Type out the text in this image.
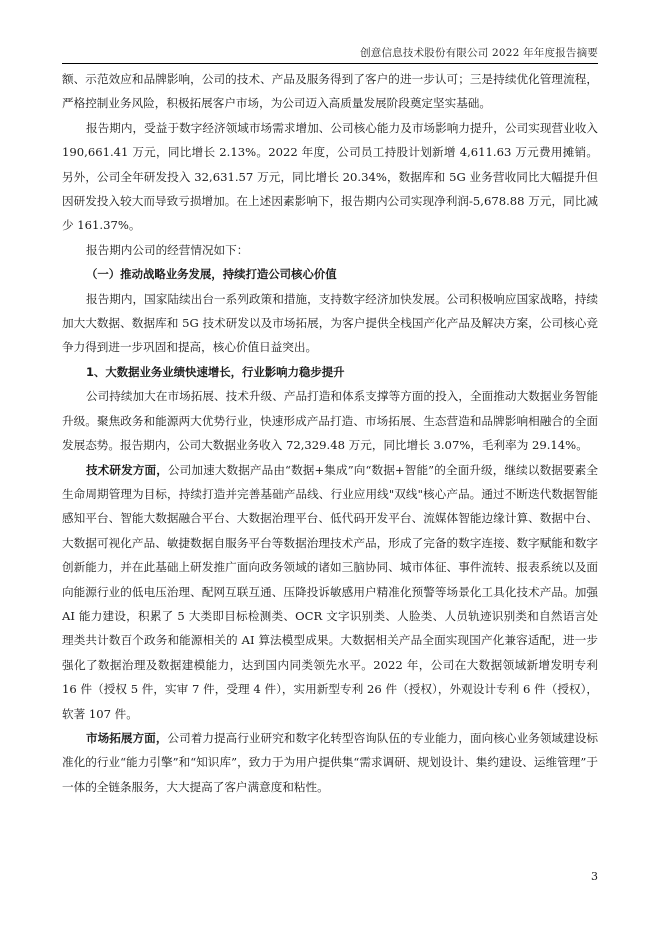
创意信息技术股份有限公司 2022 年年度报告摘要

额、示范效应和品牌影响，公司的技术、产品及服务得到了客户的进一步认可；三是持续优化管理流程，严格控制业务风险，积极拓展客户市场，为公司迈入高质量发展阶段奠定坚实基础。

报告期内，受益于数字经济领域市场需求增加、公司核心能力及市场影响力提升，公司实现营业收入 190,661.41 万元，同比增长 2.13%。2022 年度，公司员工持股计划新增 4,611.63 万元费用摊销。另外，公司全年研发投入 32,631.57 万元，同比增长 20.34%，数据库和 5G 业务营收同比大幅提升但因研发投入较大而导致亏损增加。在上述因素影响下，报告期内公司实现净利润-5,678.88 万元，同比减少 161.37%。

报告期内公司的经营情况如下：

（一）推动战略业务发展，持续打造公司核心价值

报告期内，国家陆续出台一系列政策和措施，支持数字经济加快发展。公司积极响应国家战略，持续加大大数据、数据库和 5G 技术研发以及市场拓展，为客户提供全栈国产化产品及解决方案，公司核心竞争力得到进一步巩固和提高，核心价值日益突出。

1、大数据业务业绩快速增长，行业影响力稳步提升

公司持续加大在市场拓展、技术升级、产品打造和体系支撑等方面的投入，全面推动大数据业务智能升级。聚焦政务和能源两大优势行业，快速形成产品打造、市场拓展、生态营造和品牌影响相融合的全面发展态势。报告期内，公司大数据业务收入 72,329.48 万元，同比增长 3.07%，毛利率为 29.14%。

技术研发方面，公司加速大数据产品由“数据+集成”向“数据+智能”的全面升级，继续以数据要素全生命周期管理为目标，持续打造并完善基础产品线、行业应用线"双线"核心产品。通过不断迭代数据智能感知平台、智能大数据融合平台、大数据治理平台、低代码开发平台、流媒体智能边缘计算、数据中台、大数据可视化产品、敏捷数据自服务平台等数据治理技术产品，形成了完备的数字连接、数字赋能和数字创新能力，并在此基础上研发推广面向政务领域的诸如三脑协同、城市体征、事件流转、报表系统以及面向能源行业的低电压治理、配网互联互通、压降投诉敏感用户精准化预警等场景化工具化技术产品。加强 AI 能力建设，积累了 5 大类即目标检测类、OCR 文字识别类、人脸类、人员轨迹识别类和自然语言处理类共计数百个政务和能源相关的 AI 算法模型成果。大数据相关产品全面实现国产化兼容适配，进一步强化了数据治理及数据建模能力，达到国内同类领先水平。2022 年，公司在大数据领域新增发明专利 16 件（授权 5 件，实审 7 件，受理 4 件），实用新型专利 26 件（授权），外观设计专利 6 件（授权），软著 107 件。

市场拓展方面，公司着力提高行业研究和数字化转型咨询队伍的专业能力，面向核心业务领域建设标准化的行业“能力引擎”和“知识库”，致力于为用户提供集“需求调研、规划设计、集约建设、运维管理”于一体的全链条服务，大大提高了客户满意度和粘性。

3
